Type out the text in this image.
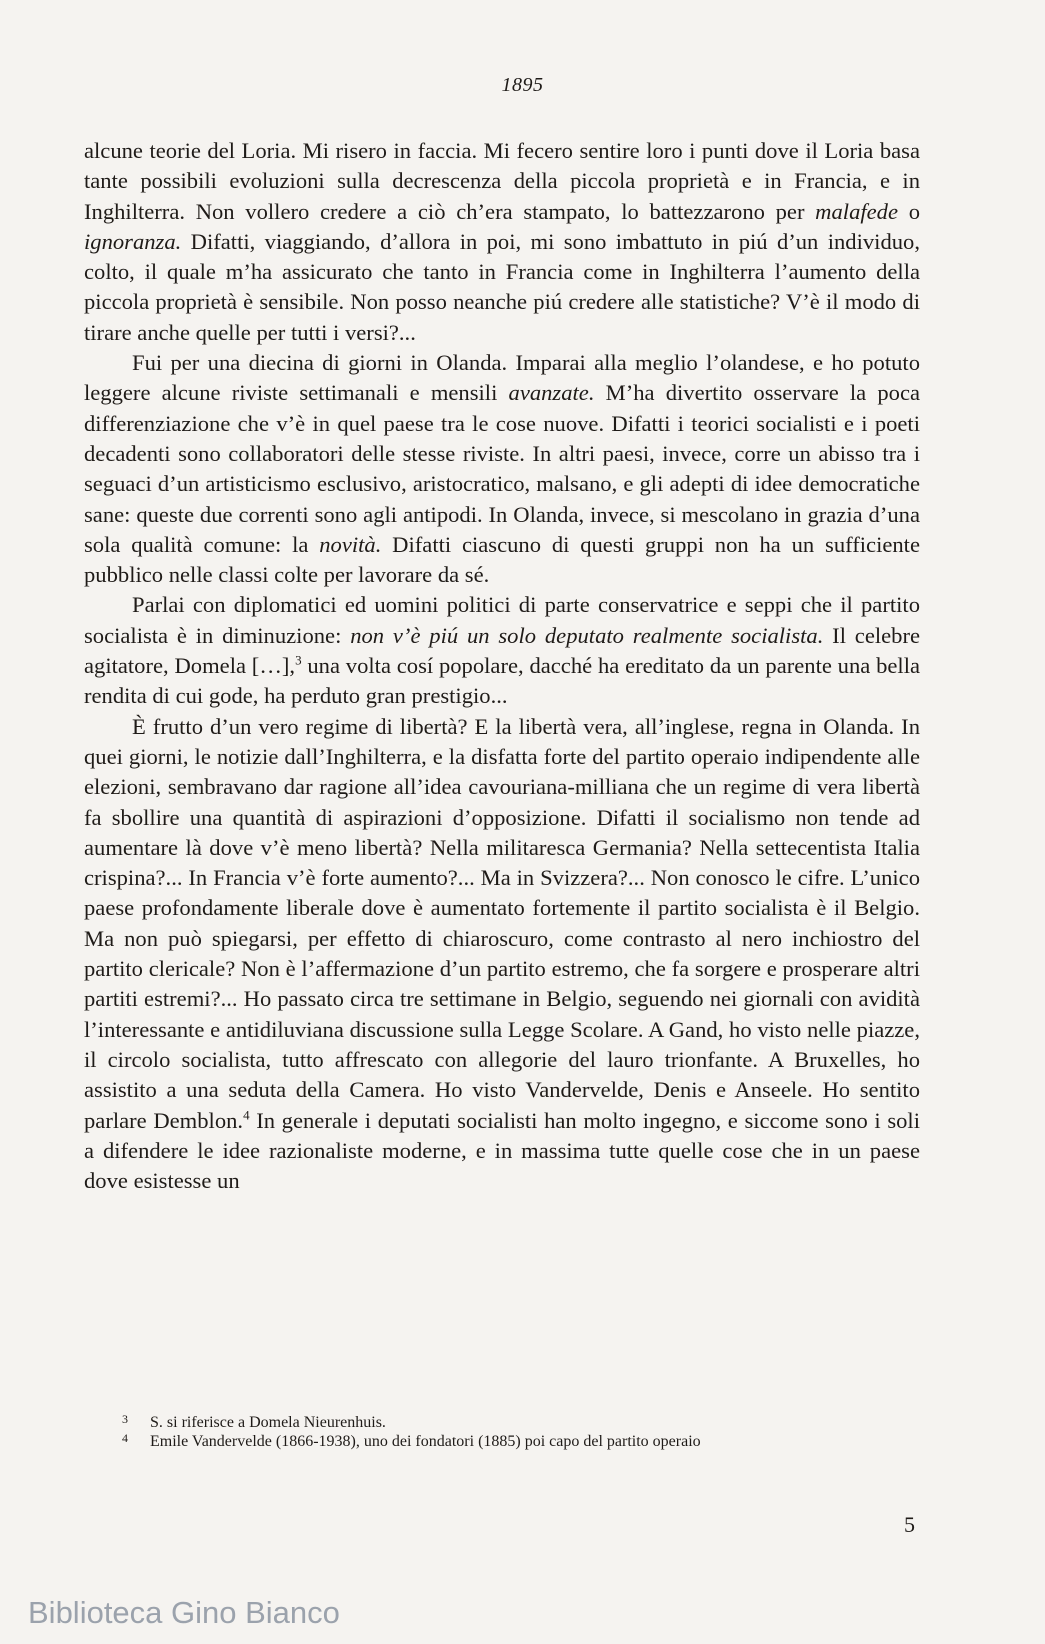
1895

alcune teorie del Loria. Mi risero in faccia. Mi fecero sentire loro i punti dove il Loria basa tante possibili evoluzioni sulla decrescenza della piccola proprietà e in Francia, e in Inghilterra. Non vollero credere a ciò ch’era stampato, lo battezzarono per malafede o ignoranza. Difatti, viaggiando, d’allora in poi, mi sono imbattuto in piú d’un individuo, colto, il quale m’ha assicurato che tanto in Francia come in Inghilterra l’aumento della piccola proprietà è sensibile. Non posso neanche piú credere alle statistiche? V’è il modo di tirare anche quelle per tutti i versi?...

Fui per una diecina di giorni in Olanda. Imparai alla meglio l’olandese, e ho potuto leggere alcune riviste settimanali e mensili avanzate. M’ha divertito osservare la poca differenziazione che v’è in quel paese tra le cose nuove. Difatti i teorici socialisti e i poeti decadenti sono collaboratori delle stesse riviste. In altri paesi, invece, corre un abisso tra i seguaci d’un artisticismo esclusivo, aristocratico, malsano, e gli adepti di idee democratiche sane: queste due correnti sono agli antipodi. In Olanda, invece, si mescolano in grazia d’una sola qualità comune: la novità. Difatti ciascuno di questi gruppi non ha un sufficiente pubblico nelle classi colte per lavorare da sé.

Parlai con diplomatici ed uomini politici di parte conservatrice e seppi che il partito socialista è in diminuzione: non v’è piú un solo deputato realmente socialista. Il celebre agitatore, Domela […],$^3$ una volta cosí popolare, dacché ha ereditato da un parente una bella rendita di cui gode, ha perduto gran prestigio...

È frutto d’un vero regime di libertà? E la libertà vera, all’inglese, regna in Olanda. In quei giorni, le notizie dall’Inghilterra, e la disfatta forte del partito operaio indipendente alle elezioni, sembravano dar ragione all’idea cavouriana-milliana che un regime di vera libertà fa sbollire una quantità di aspirazioni d’opposizione. Difatti il socialismo non tende ad aumentare là dove v’è meno libertà? Nella militaresca Germania? Nella settecentista Italia crispina?... In Francia v’è forte aumento?... Ma in Svizzera?... Non conosco le cifre. L’unico paese profondamente liberale dove è aumentato fortemente il partito socialista è il Belgio. Ma non può spiegarsi, per effetto di chiaroscuro, come contrasto al nero inchiostro del partito clericale? Non è l’affermazione d’un partito estremo, che fa sorgere e prosperare altri partiti estremi?... Ho passato circa tre settimane in Belgio, seguendo nei giornali con avidità l’interessante e antidiluviana discussione sulla Legge Scolare. A Gand, ho visto nelle piazze, il circolo socialista, tutto affrescato con allegorie del lauro trionfante. A Bruxelles, ho assistito a una seduta della Camera. Ho visto Vandervelde, Denis e Anseele. Ho sentito parlare Demblon.$^4$ In generale i deputati socialisti han molto ingegno, e siccome sono i soli a difendere le idee razionaliste moderne, e in massima tutte quelle cose che in un paese dove esistesse un

3	S. si riferisce a Domela Nieurenhuis.
4	Emile Vandervelde (1866-1938), uno dei fondatori (1885) poi capo del partito operaio
5
Biblioteca Gino Bianco
